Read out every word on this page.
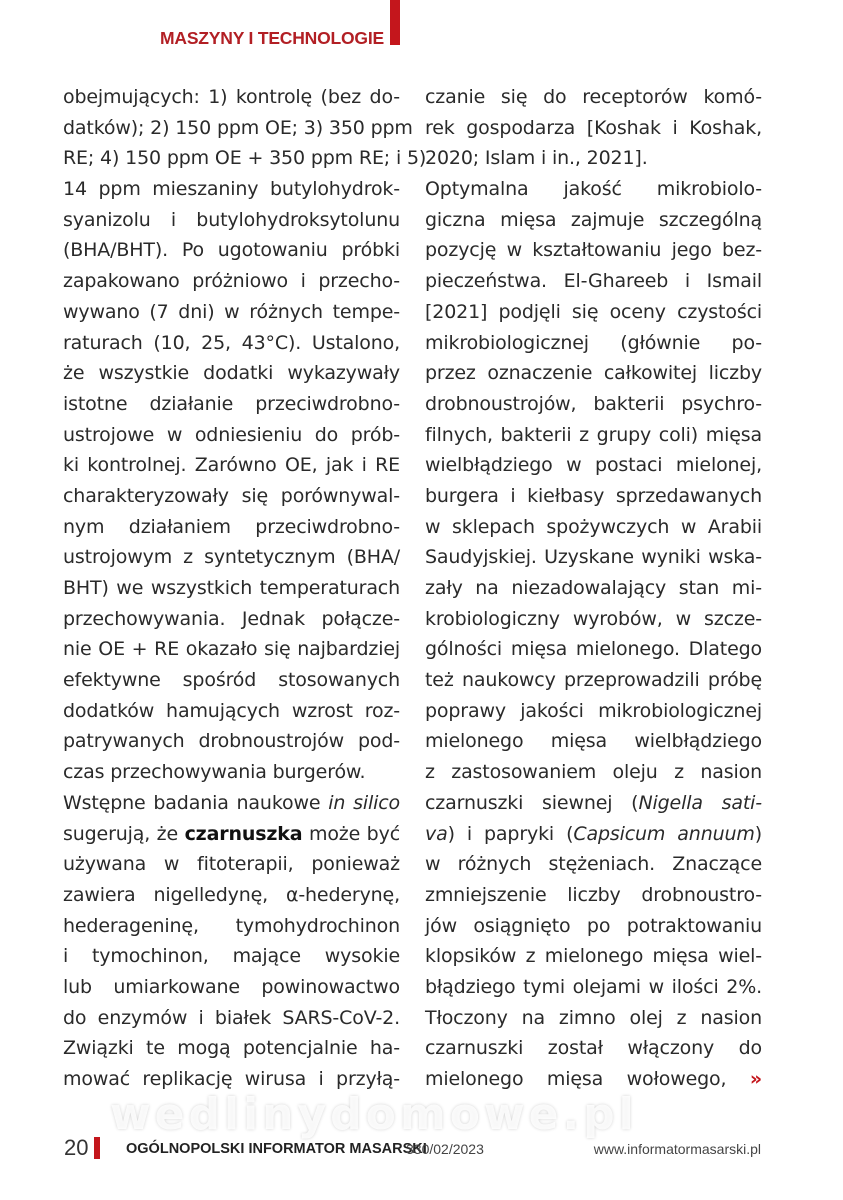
MASZYNY I TECHNOLOGIE
obejmujących: 1) kontrolę (bez do-
datków); 2) 150 ppm OE; 3) 350 ppm
RE; 4) 150 ppm OE + 350 ppm RE; i 5)
14 ppm mieszaniny butylohydrok-
syanizolu i butylohydroksytolunu
(BHA/BHT). Po ugotowaniu próbki
zapakowano próżniowo i przecho-
wywano (7 dni) w różnych tempe-
raturach (10, 25, 43°C). Ustalono,
że wszystkie dodatki wykazywały
istotne działanie przeciwdrobno-
ustrojowe w odniesieniu do prób-
ki kontrolnej. Zarówno OE, jak i RE
charakteryzowały się porównywal-
nym działaniem przeciwdrobno-
ustrojowym z syntetycznym (BHA/
BHT) we wszystkich temperaturach
przechowywania. Jednak połącze-
nie OE + RE okazało się najbardziej
efektywne spośród stosowanych
dodatków hamujących wzrost roz-
patrywanych drobnoustrojów pod-
czas przechowywania burgerów.
Wstępne badania naukowe in silico
sugerują, że czarnuszka może być
używana w fitoterapii, ponieważ
zawiera nigelledynę, α-hederynę,
hederageninę, tymohydrochinon
i tymochinon, mające wysokie
lub umiarkowane powinowactwo
do enzymów i białek SARS-CoV-2.
Związki te mogą potencjalnie ha-
mować replikację wirusa i przyłą-
czanie się do receptorów komó-
rek gospodarza [Koshak i Koshak,
2020; Islam i in., 2021].
Optymalna jakość mikrobiolo-
giczna mięsa zajmuje szczególną
pozycję w kształtowaniu jego bez-
pieczeństwa. El-Ghareeb i Ismail
[2021] podjęli się oceny czystości
mikrobiologicznej (głównie po-
przez oznaczenie całkowitej liczby
drobnoustrojów, bakterii psychro-
filnych, bakterii z grupy coli) mięsa
wielbłądziego w postaci mielonej,
burgera i kiełbasy sprzedawanych
w sklepach spożywczych w Arabii
Saudyjskiej. Uzyskane wyniki wska-
zały na niezadowalający stan mi-
krobiologiczny wyrobów, w szcze-
gólności mięsa mielonego. Dlatego
też naukowcy przeprowadzili próbę
poprawy jakości mikrobiologicznej
mielonego mięsa wielbłądziego
z zastosowaniem oleju z nasion
czarnuszki siewnej (Nigella sati-
va) i papryki (Capsicum annuum)
w różnych stężeniach. Znaczące
zmniejszenie liczby drobnoustro-
jów osiągnięto po potraktowaniu
klopsików z mielonego mięsa wiel-
błądziego tymi olejami w ilości 2%.
Tłoczony na zimno olej z nasion
czarnuszki został włączony do
mielonego mięsa wołowego, »
wedlinydomowe.pl
20	OGÓLNOPOLSKI INFORMATOR MASARSKI
330/02/2023	www.informatormasarski.pl
